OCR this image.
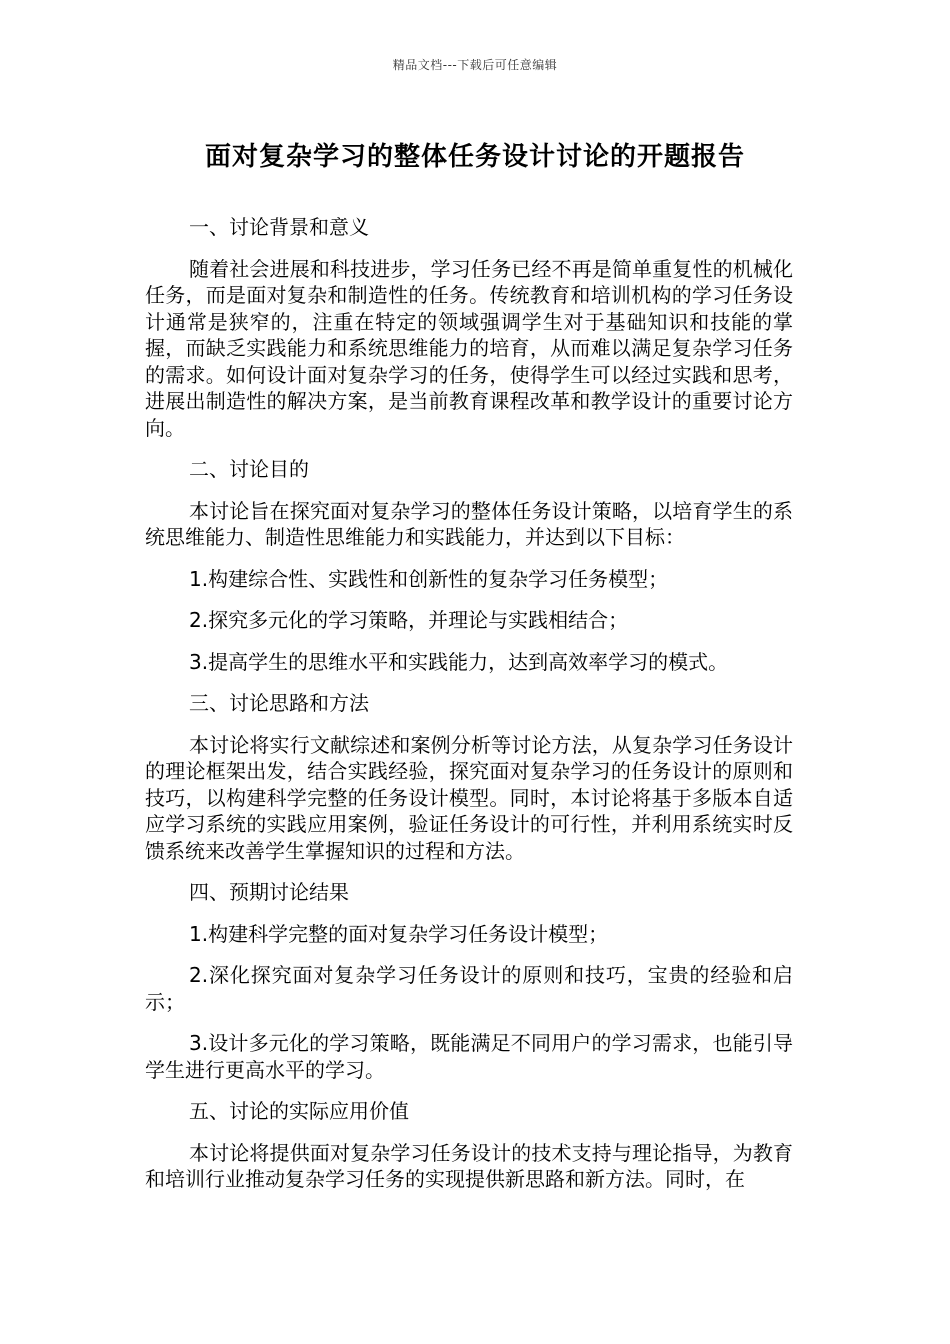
精品文档---下载后可任意编辑
面对复杂学习的整体任务设计讨论的开题报告

一、讨论背景和意义

随着社会进展和科技进步，学习任务已经不再是简单重复性的机械化任务，而是面对复杂和制造性的任务。传统教育和培训机构的学习任务设计通常是狭窄的，注重在特定的领域强调学生对于基础知识和技能的掌握，而缺乏实践能力和系统思维能力的培育，从而难以满足复杂学习任务的需求。如何设计面对复杂学习的任务，使得学生可以经过实践和思考，进展出制造性的解决方案，是当前教育课程改革和教学设计的重要讨论方向。

二、讨论目的

本讨论旨在探究面对复杂学习的整体任务设计策略，以培育学生的系统思维能力、制造性思维能力和实践能力，并达到以下目标：

1.构建综合性、实践性和创新性的复杂学习任务模型；

2.探究多元化的学习策略，并理论与实践相结合；

3.提高学生的思维水平和实践能力，达到高效率学习的模式。

三、讨论思路和方法

本讨论将实行文献综述和案例分析等讨论方法，从复杂学习任务设计的理论框架出发，结合实践经验，探究面对复杂学习的任务设计的原则和技巧，以构建科学完整的任务设计模型。同时，本讨论将基于多版本自适应学习系统的实践应用案例，验证任务设计的可行性，并利用系统实时反馈系统来改善学生掌握知识的过程和方法。

四、预期讨论结果

1.构建科学完整的面对复杂学习任务设计模型；

2.深化探究面对复杂学习任务设计的原则和技巧，宝贵的经验和启示；

3.设计多元化的学习策略，既能满足不同用户的学习需求，也能引导学生进行更高水平的学习。

五、讨论的实际应用价值

本讨论将提供面对复杂学习任务设计的技术支持与理论指导，为教育和培训行业推动复杂学习任务的实现提供新思路和新方法。同时，在
